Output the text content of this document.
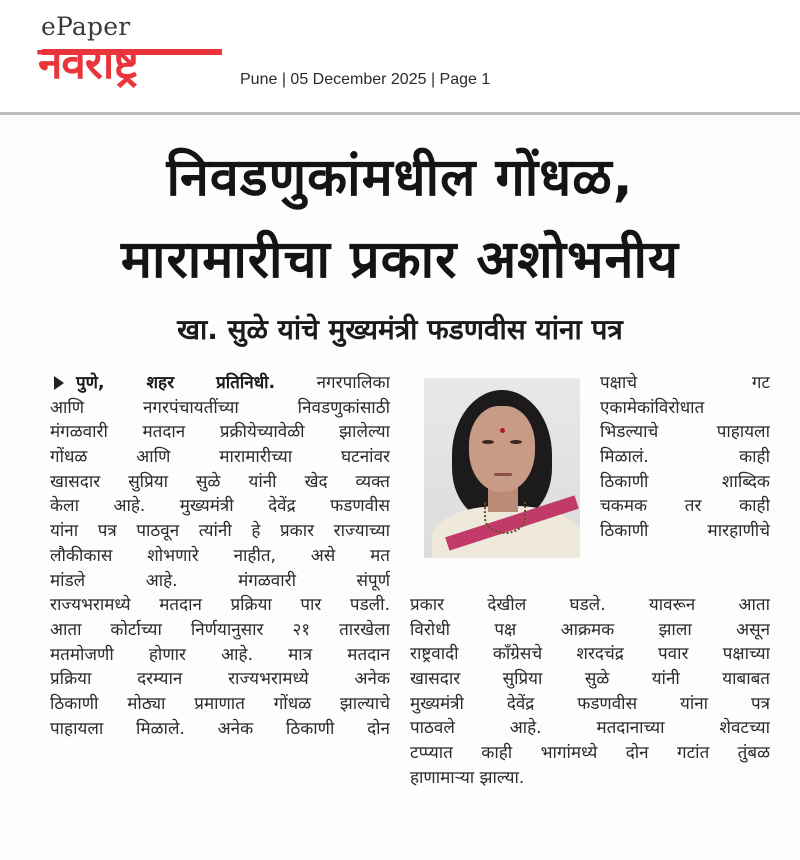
ePaper
नवराष्ट्र	Pune | 05 December 2025 | Page 1
निवडणुकांमधील गोंधळ,
मारामारीचा प्रकार अशोभनीय
खा. सुळे यांचे मुख्यमंत्री फडणवीस यांना पत्र
पुणे, शहर प्रतिनिधी. नगरपालिका
आणि नगरपंचायतींच्या निवडणुकांसाठी
मंगळवारी मतदान प्रक्रीयेच्यावेळी झालेल्या
गोंधळ आणि मारामारीच्या घटनांवर
खासदार सुप्रिया सुळे यांनी खेद व्यक्त
केला आहे. मुख्यमंत्री देवेंद्र फडणवीस
यांना पत्र पाठवून त्यांनी हे प्रकार राज्याच्या
लौकीकास शोभणारे नाहीत, असे मत
मांडले आहे. मंगळवारी संपूर्ण
राज्यभरामध्ये मतदान प्रक्रिया पार पडली.
आता कोर्टाच्या निर्णयानुसार २१ तारखेला
मतमोजणी होणार आहे. मात्र मतदान
प्रक्रिया दरम्यान राज्यभरामध्ये अनेक
ठिकाणी मोठ्या प्रमाणात गोंधळ झाल्याचे
पाहायला मिळाले. अनेक ठिकाणी दोन
पक्षाचे गट
एकामेकांविरोधात
भिडल्याचे पाहायला
मिळालं. काही
ठिकाणी शाब्दिक
चकमक तर काही
ठिकाणी मारहाणीचे
प्रकार देखील घडले. यावरून आता
विरोधी पक्ष आक्रमक झाला असून
राष्ट्रवादी काँग्रेसचे शरदचंद्र पवार पक्षाच्या
खासदार सुप्रिया सुळे यांनी याबाबत
मुख्यमंत्री देवेंद्र फडणवीस यांना पत्र
पाठवले आहे. मतदानाच्या शेवटच्या
टप्प्यात काही भागांमध्ये दोन गटांत तुंबळ
हाणामाऱ्या झाल्या.
